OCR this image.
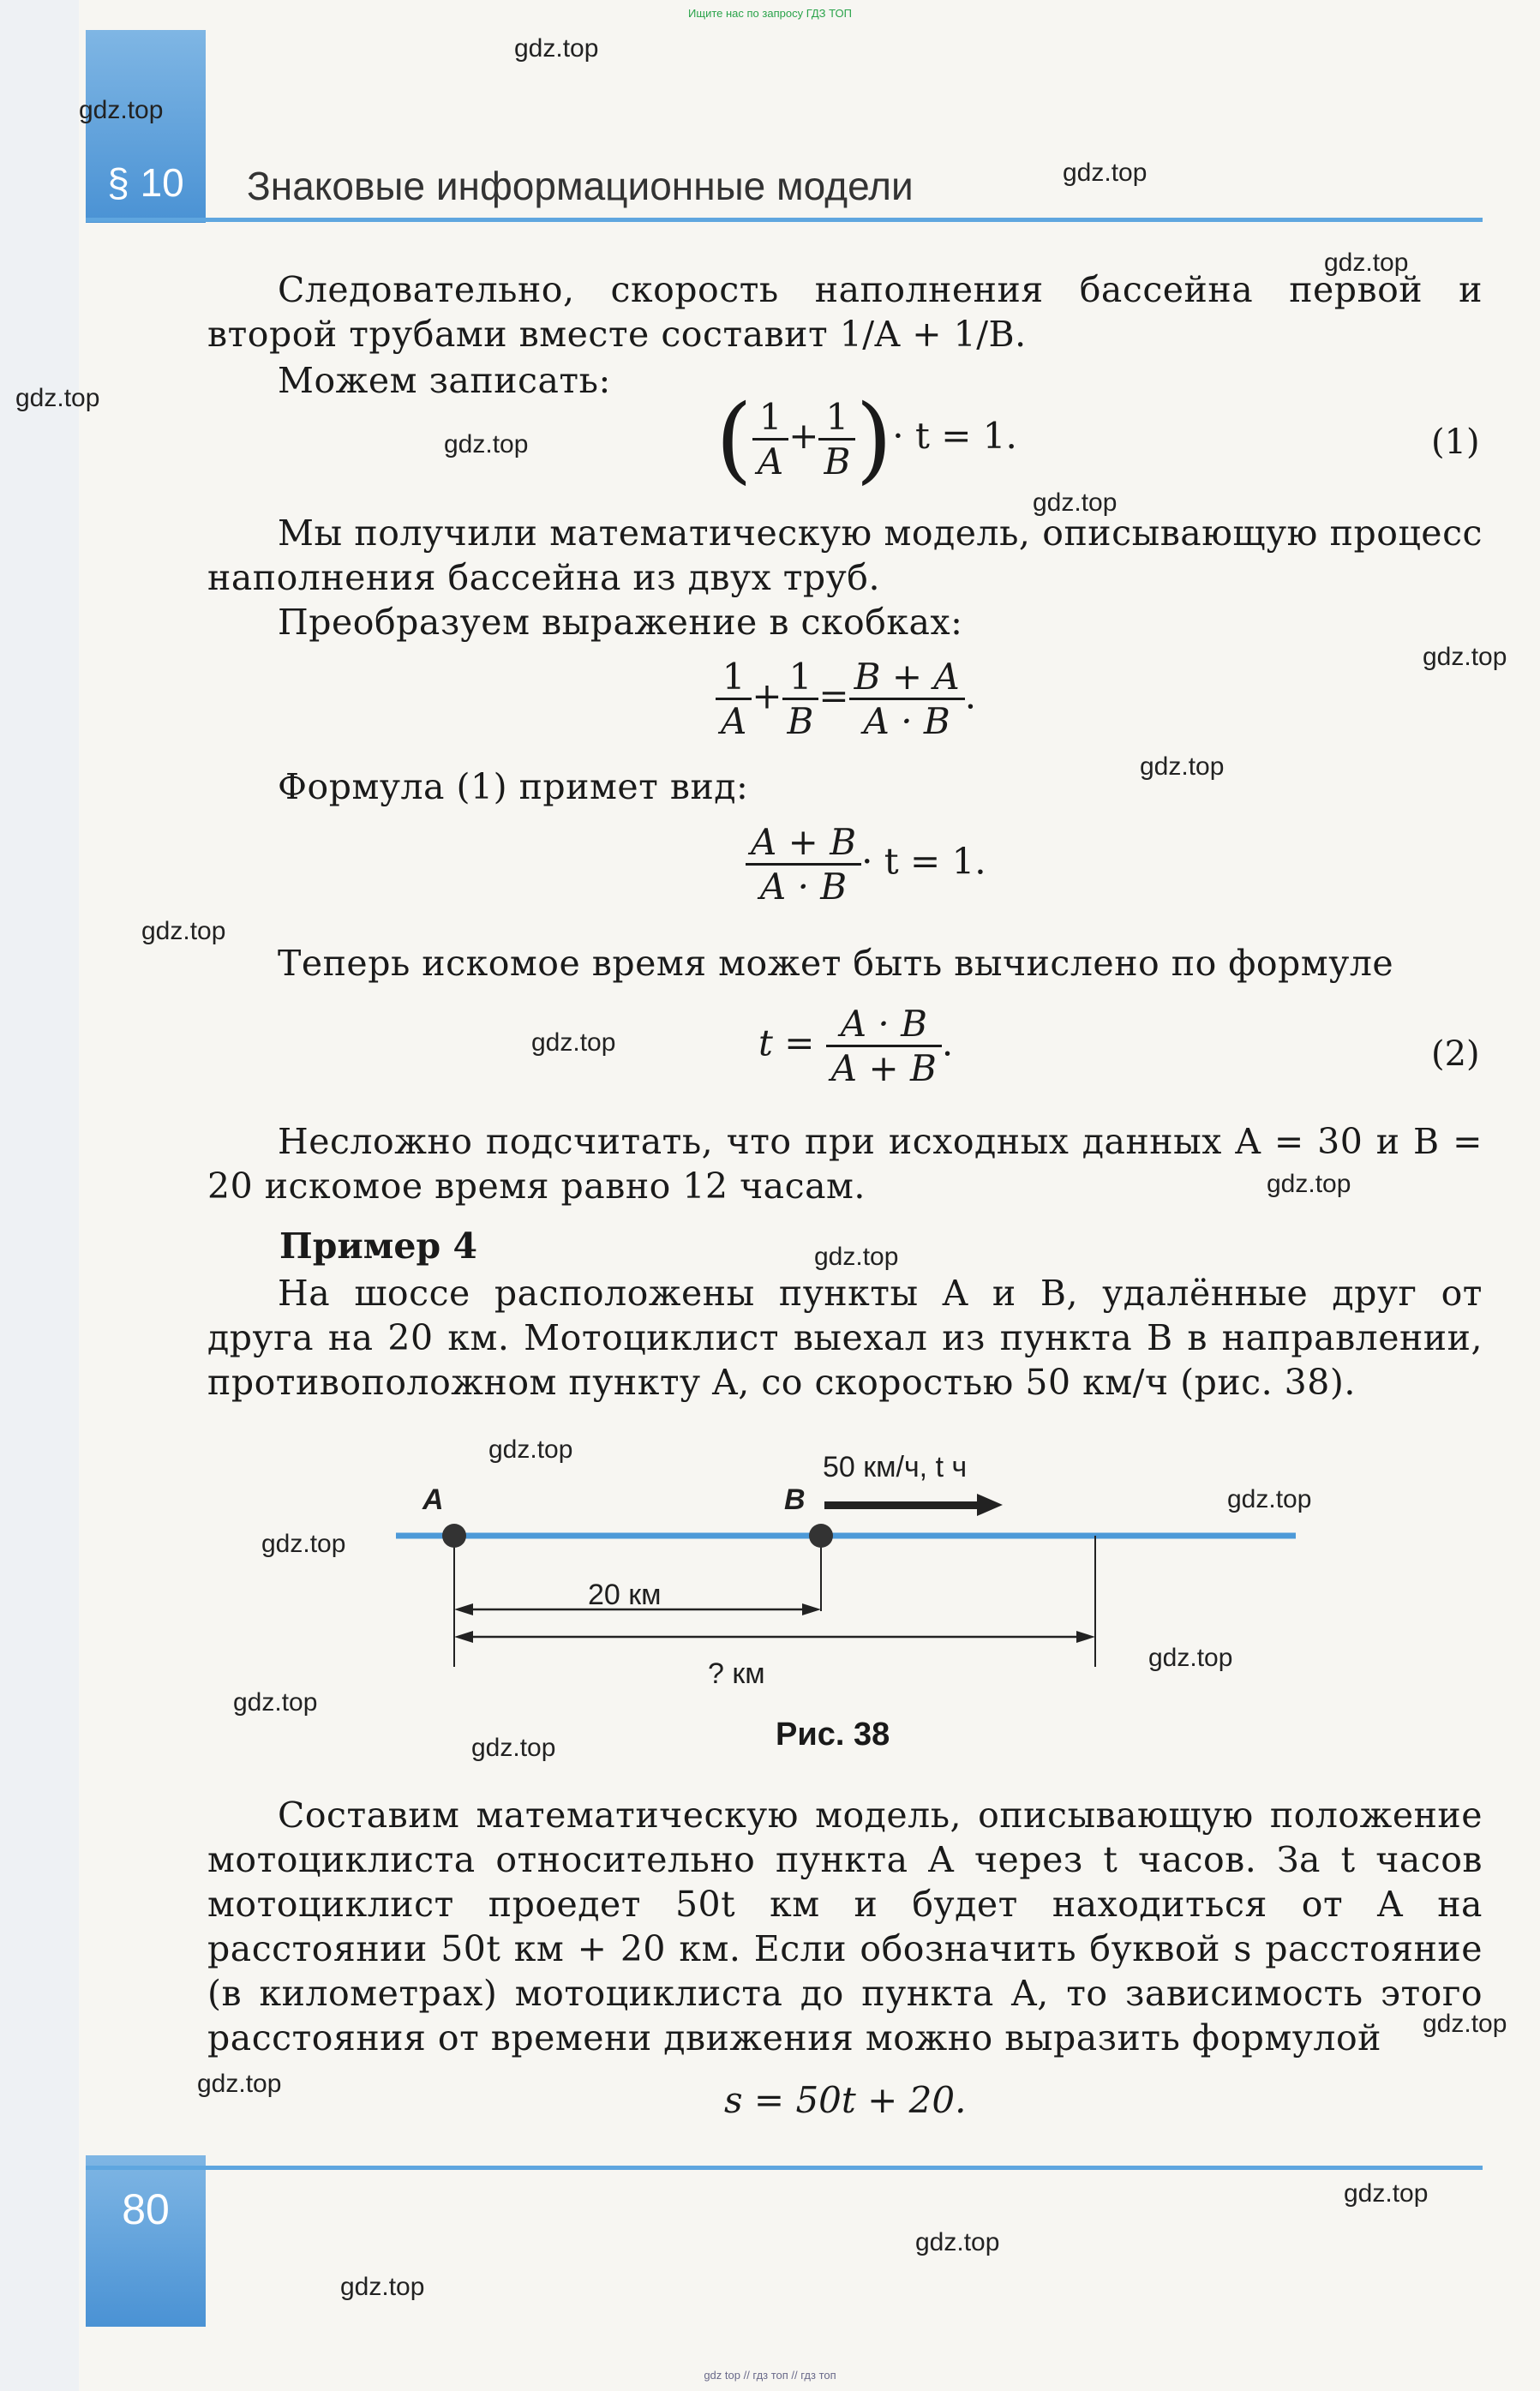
Ищите нас по запросу ГДЗ ТОП
§ 10	Знаковые информационные модели
Следовательно, скорость наполнения бассейна первой и второй трубами вместе составит 1/A + 1/B.
Можем записать:
( $\frac{1}{A} + \frac{1}{B}$ )· t = 1.	(1)
Мы получили математическую модель, описывающую процесс наполнения бассейна из двух труб.
Преобразуем выражение в скобках:
$\frac{1}{A} + \frac{1}{B} = \frac{B + A}{A \cdot B}$ .
Формула (1) примет вид:
$\frac{A + B}{A \cdot B} \cdot t = 1$.
Теперь искомое время может быть вычислено по формуле
$t = \frac{A \cdot B}{A + B}$ .	(2)
Несложно подсчитать, что при исходных данных A = 30 и B = 20 искомое время равно 12 часам.
Пример 4
На шоссе расположены пункты A и B, удалённые друг от друга на 20 км. Мотоциклист выехал из пункта B в направлении, противоположном пункту A, со скоростью 50 км/ч (рис. 38).
A	B
50 км/ч, t ч
20 км
? км
Рис. 38
Составим математическую модель, описывающую положение мотоциклиста относительно пункта A через t часов. За t часов мотоциклист проедет 50t км и будет находиться от A на расстоянии 50t км + 20 км. Если обозначить буквой s расстояние (в километрах) мотоциклиста до пункта A, то зависимость этого расстояния от времени движения можно выразить формулой
s = 50t + 20.
80
gdz.top
gdz.top
gdz.top
gdz.top
gdz.top
gdz.top
gdz.top
gdz.top
gdz.top
gdz.top
gdz.top
gdz.top
gdz.top
gdz.top
gdz.top
gdz.top
gdz.top
gdz.top
gdz.top
gdz.top
gdz.top
gdz.top
gdz.top
gdz.top
gdz top // гдз топ // гдз топ
